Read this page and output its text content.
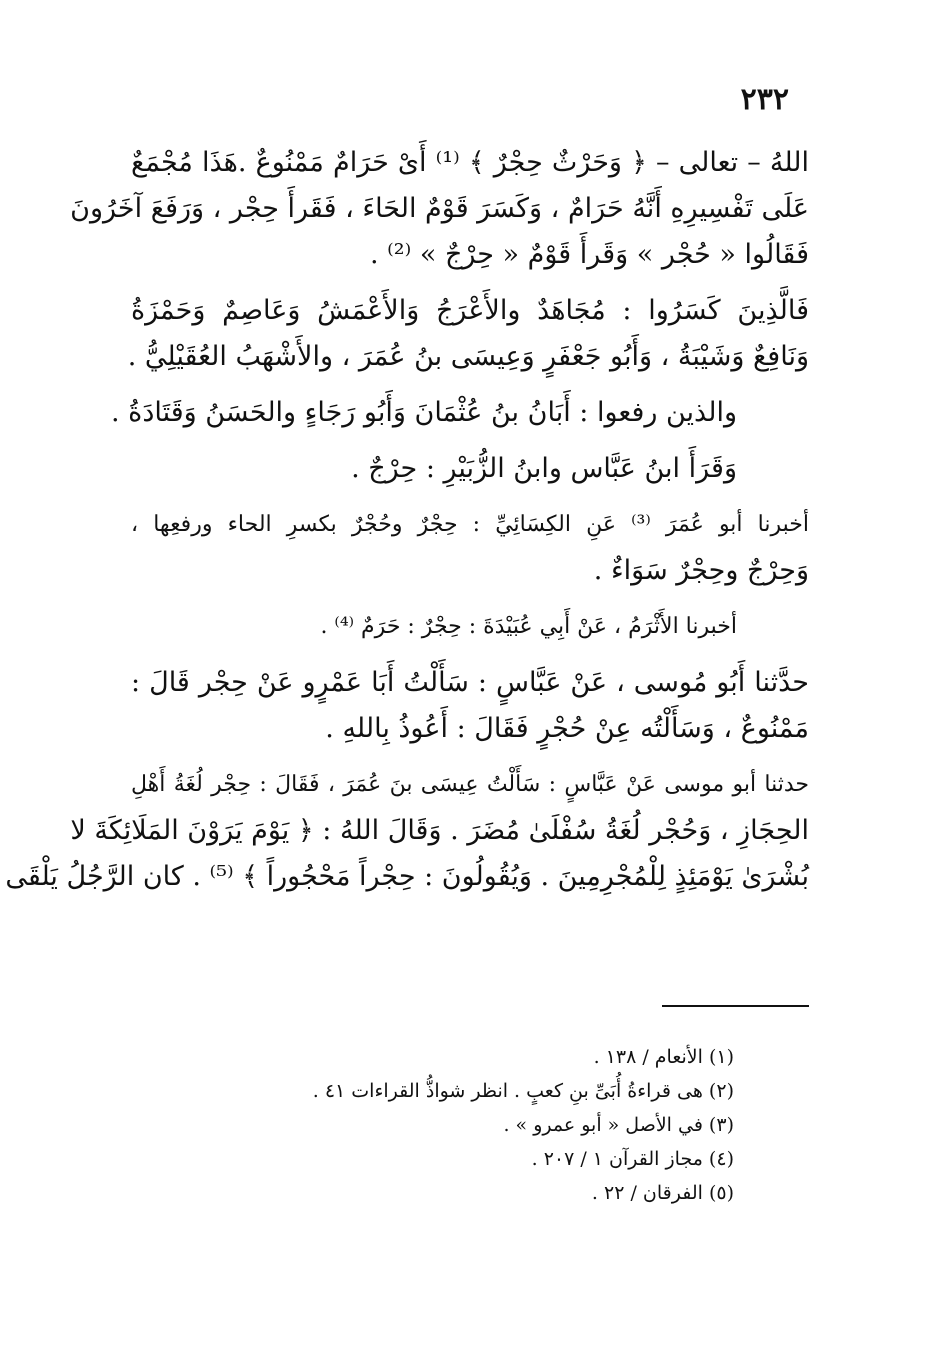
٢٣٢
اللهُ – تعالى – ﴿ وَحَرْثٌ حِجْرٌ ﴾ ⁽¹⁾ أَىْ حَرَامٌ مَمْنُوعٌ .هَذَا مُجْمَعٌ
عَلَى تَفْسِيرِهِ أَنَّهُ حَرَامٌ ، وَكَسَرَ قَوْمٌ الحَاءَ ، فَقَرأَ حِجْر ، وَرَفَعَ آخَرُونَ
فَقَالُوا « حُجْر » وَقَرأَ قَوْمٌ « حِرْجٌ » ⁽²⁾ .
فَالَّذِينَ كَسَرُوا : مُجَاهَدٌ والأَعْرَجُ وَالأَعْمَشُ وَعَاصِمٌ وَحَمْزَةُ
وَنَافِعٌ وَشَيْبَةُ ، وَأَبُو جَعْفَرٍ وَعِيسَى بنُ عُمَرَ ، والأَشْهَبُ العُقَيْلِيُّ .
والذين رفعوا : أَبَانُ بنُ عُثْمَانَ وَأَبُو رَجَاءٍ والحَسَنُ وَقَتَادَةُ .
وَقَرَأَ ابنُ عَبَّاس وابنُ الزُّبَيْرِ : حِرْجٌ .
أخبرنا أبو عُمَرَ ⁽³⁾ عَنِ الكِسَائِيِّ : حِجْرٌ وحُجْرٌ بكسرِ الحاء ورفعِها ،
وَحِرْجٌ وحِجْرٌ سَوَاءٌ .
أخبرنا الأَثْرَمُ ، عَنْ أَبِي عُبَيْدَةَ : حِجْرٌ : حَرَمٌ ⁽⁴⁾ .
حدَّثنا أَبُو مُوسى ، عَنْ عَبَّاسٍ : سَأَلْتُ أَبَا عَمْرٍو عَنْ حِجْر قَالَ :
مَمْنُوعٌ ، وَسَأَلْتُه عِنْ حُجْرٍ فَقَالَ : أَعُوذُ بِاللهِ .
حدثنا أبو موسى عَنْ عَبَّاسٍ : سَأَلْتُ عِيسَى بنَ عُمَرَ ، فَقَالَ : حِجْر لُغَةُ أَهْلِ
الحِجَازِ ، وَحُجْر لُغَةُ سُفْلَىٰ مُضَرَ . وَقَالَ اللهُ : ﴿ يَوْمَ يَرَوْنَ المَلَائِكَةَ لا
بُشْرَىٰ يَوْمَئِذٍ لِلْمُجْرِمِينَ . وَيُقُولُونَ : حِجْراً مَحْجُوراً ﴾ ⁽⁵⁾ . كان الرَّجُلُ يَلْقَى
(١) الأنعام / ١٣٨ .
(٢) هى قراءةُ أُبَىِّ بنِ كعبٍ . انظر شواذُّ القراءات ٤١ .
(٣) في الأصل « أبو عمرو » .
(٤) مجاز القرآن ١ / ٢٠٧ .
(٥) الفرقان / ٢٢ .
